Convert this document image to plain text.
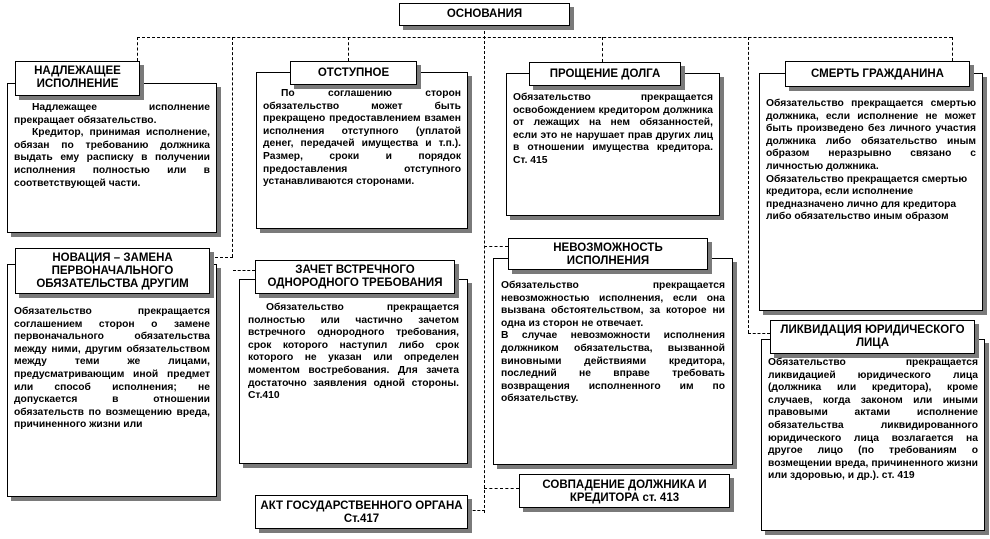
ОСНОВАНИЯ
НАДЛЕЖАЩЕЕ ИСПОЛНЕНИЕ

Надлежащее исполнение прекращает обязательство.

Кредитор, принимая исполнение, обязан по требованию должника выдать ему расписку в получении исполнения полностью или в соответствующей части.

ОТСТУПНОЕ

По соглашению сторон обязательство может быть прекращено предоставлением взамен исполнения отступного (уплатой денег, передачей имущества и т.п.). Размер, сроки и порядок предоставления отступного устанавливаются сторонами.

ПРОЩЕНИЕ ДОЛГА

Обязательство прекращается освобождением кредитором должника от лежащих на нем обязанностей, если это не нарушает прав других лиц в отношении имущества кредитора. Ст. 415

СМЕРТЬ ГРАЖДАНИНА

Обязательство прекращается смертью должника, если исполнение не может быть произведено без личного участия должника либо обязательство иным образом неразрывно связано с личностью должника.

Обязательство прекращается смертью кредитора, если исполнение предназначено лично для кредитора либо обязательство иным образом

НОВАЦИЯ – ЗАМЕНА ПЕРВОНАЧАЛЬНОГО ОБЯЗАТЕЛЬСТВА ДРУГИМ

Обязательство прекращается соглашением сторон о замене первоначального обязательства между ними, другим обязательством между теми же лицами, предусматривающим иной предмет или способ исполнения; не допускается в отношении обязательств по возмещению вреда, причиненного жизни или

ЗАЧЕТ ВСТРЕЧНОГО ОДНОРОДНОГО ТРЕБОВАНИЯ

Обязательство прекращается полностью или частично зачетом встречного однородного требования, срок которого наступил либо срок которого не указан или определен моментом востребования. Для зачета достаточно заявления одной стороны. Ст.410

НЕВОЗМОЖНОСТЬ ИСПОЛНЕНИЯ

Обязательство прекращается невозможностью исполнения, если она вызвана обстоятельством, за которое ни одна из сторон не отвечает.

В случае невозможности исполнения должником обязательства, вызванной виновными действиями кредитора, последний не вправе требовать возвращения исполненного им по обязательству.

ЛИКВИДАЦИЯ ЮРИДИЧЕСКОГО ЛИЦА

Обязательство прекращается ликвидацией юридического лица (должника или кредитора), кроме случаев, когда законом или иными правовыми актами исполнение обязательства ликвидированного юридического лица возлагается на другое лицо (по требованиям о возмещении вреда, причиненного жизни или здоровью, и др.). ст. 419

СОВПАДЕНИЕ ДОЛЖНИКА И КРЕДИТОРА ст. 413
АКТ ГОСУДАРСТВЕННОГО ОРГАНА Ст.417
